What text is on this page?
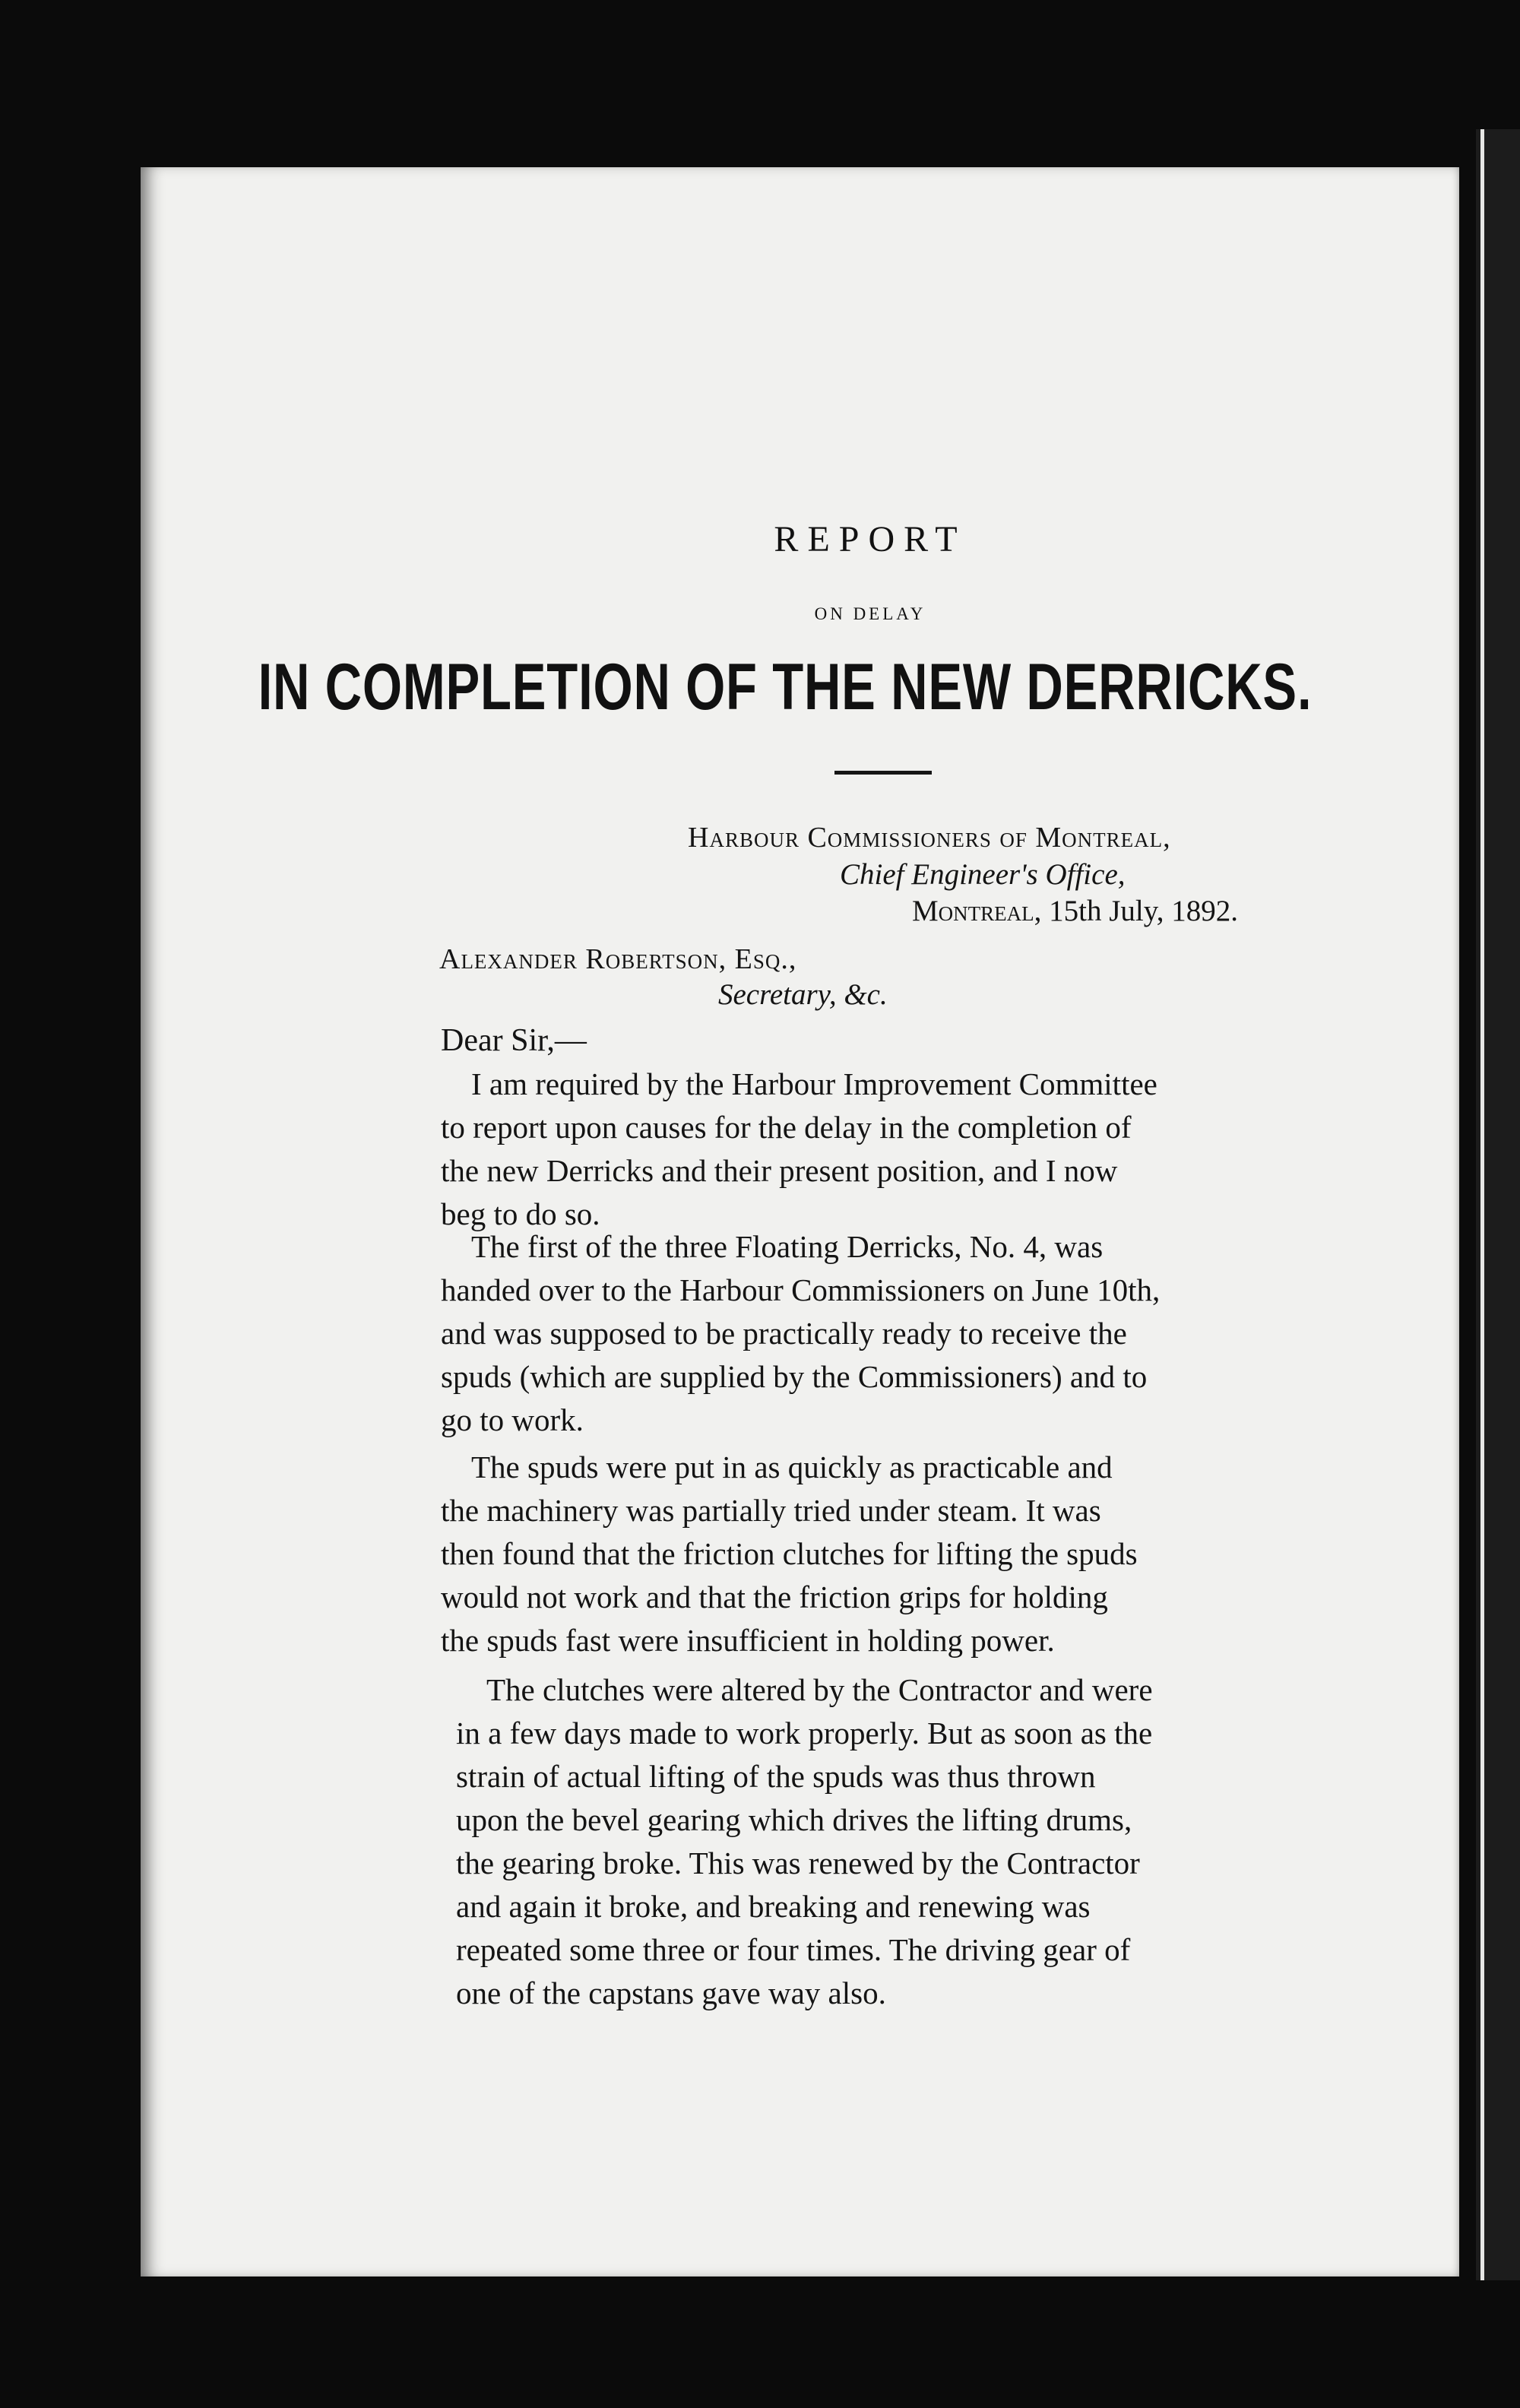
REPORT
ON DELAY
IN COMPLETION OF THE NEW DERRICKS.
Harbour Commissioners of Montreal,
Chief Engineer's Office,
Montreal, 15th July, 1892.
Alexander Robertson, Esq.,
Secretary, &c.
Dear Sir,—
I am required by the Harbour Improvement Committee
to report upon causes for the delay in the completion of
the new Derricks and their present position, and I now
beg to do so.
The first of the three Floating Derricks, No. 4, was
handed over to the Harbour Commissioners on June 10th,
and was supposed to be practically ready to receive the
spuds (which are supplied by the Commissioners) and to
go to work.
The spuds were put in as quickly as practicable and
the machinery was partially tried under steam. It was
then found that the friction clutches for lifting the spuds
would not work and that the friction grips for holding
the spuds fast were insufficient in holding power.
The clutches were altered by the Contractor and were
in a few days made to work properly. But as soon as the
strain of actual lifting of the spuds was thus thrown
upon the bevel gearing which drives the lifting drums,
the gearing broke. This was renewed by the Contractor
and again it broke, and breaking and renewing was
repeated some three or four times. The driving gear of
one of the capstans gave way also.
